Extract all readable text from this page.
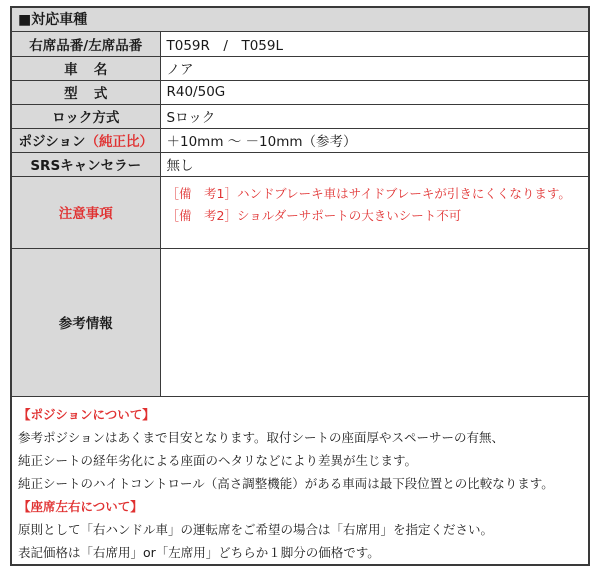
■対応車種
右席品番/左席品番	T059R　/　T059L
車名	ノア
型式	R40/50G
ロック方式	Sロック
ポジション（純正比）	＋10mm ～ －10mm（参考）
SRSキャンセラー	無し
注意事項	［備　考1］ハンドブレーキ車はサイドブレーキが引きにくくなります。
［備　考2］ショルダーサポートの大きいシート不可

参考情報	
【ポジションについて】
参考ポジションはあくまで目安となります。取付シートの座面厚やスペーサーの有無、
純正シートの経年劣化による座面のヘタリなどにより差異が生じます。
純正シートのハイトコントロール（高さ調整機能）がある車両は最下段位置との比較なります。
【座席左右について】
原則として「右ハンドル車」の運転席をご希望の場合は「右席用」を指定ください。
表記価格は「右席用」or「左席用」どちらか１脚分の価格です。
